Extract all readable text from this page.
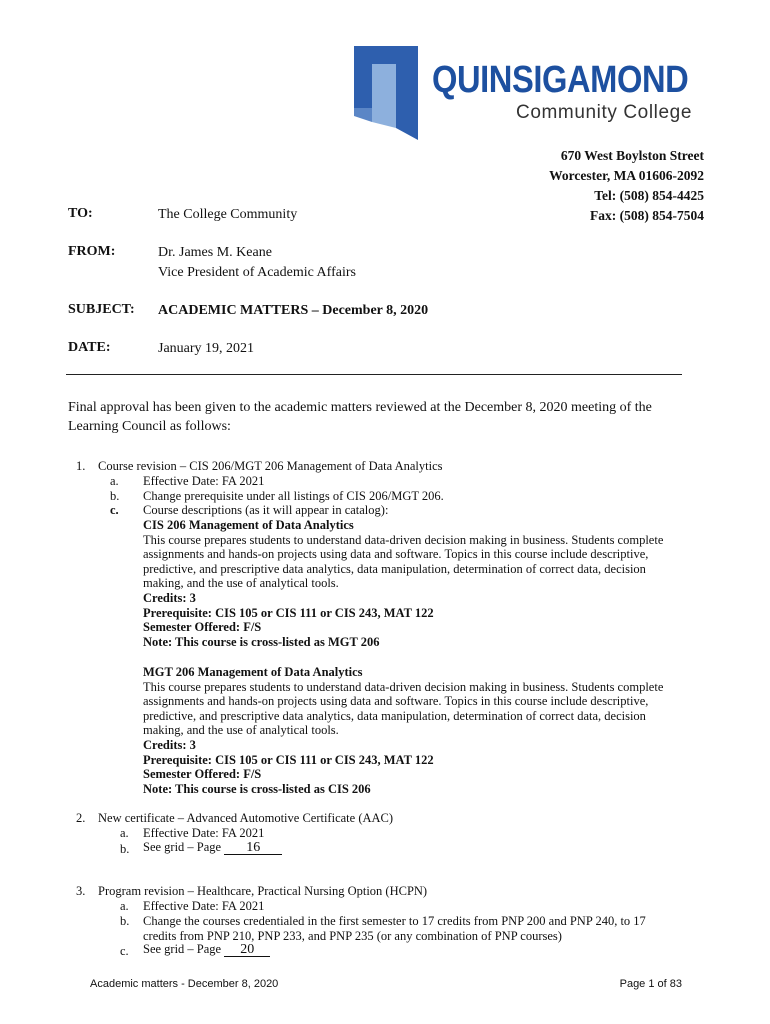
QUINSIGAMOND
Community College
670 West Boylston Street
Worcester, MA 01606-2092
Tel: (508) 854-4425
Fax: (508) 854-7504
TO:	The College Community
FROM:	Dr. James M. Keane
Vice President of Academic Affairs
SUBJECT: ACADEMIC MATTERS – December 8, 2020
DATE:	January 19, 2021
Final approval has been given to the academic matters reviewed at the December 8, 2020 meeting of the Learning Council as follows:
1. Course revision – CIS 206/MGT 206 Management of Data Analytics
a. Effective Date: FA 2021
b. Change prerequisite under all listings of CIS 206/MGT 206.
c. Course descriptions (as it will appear in catalog):
CIS 206 Management of Data Analytics
This course prepares students to understand data-driven decision making in business. Students complete assignments and hands-on projects using data and software. Topics in this course include descriptive, predictive, and prescriptive data analytics, data manipulation, determination of correct data, decision making, and the use of analytical tools.
Credits: 3
Prerequisite: CIS 105 or CIS 111 or CIS 243, MAT 122
Semester Offered: F/S
Note: This course is cross-listed as MGT 206
MGT 206 Management of Data Analytics
This course prepares students to understand data-driven decision making in business. Students complete assignments and hands-on projects using data and software. Topics in this course include descriptive, predictive, and prescriptive data analytics, data manipulation, determination of correct data, decision making, and the use of analytical tools.
Credits: 3
Prerequisite: CIS 105 or CIS 111 or CIS 243, MAT 122
Semester Offered: F/S
Note: This course is cross-listed as CIS 206
2. New certificate – Advanced Automotive Certificate (AAC)
a. Effective Date: FA 2021
b. See grid – Page 16
3. Program revision – Healthcare, Practical Nursing Option (HCPN)
a. Effective Date: FA 2021
b. Change the courses credentialed in the first semester to 17 credits from PNP 200 and PNP 240, to 17 credits from PNP 210, PNP 233, and PNP 235 (or any combination of PNP courses)
c. See grid – Page 20
Academic matters - December 8, 2020	Page 1 of 83
